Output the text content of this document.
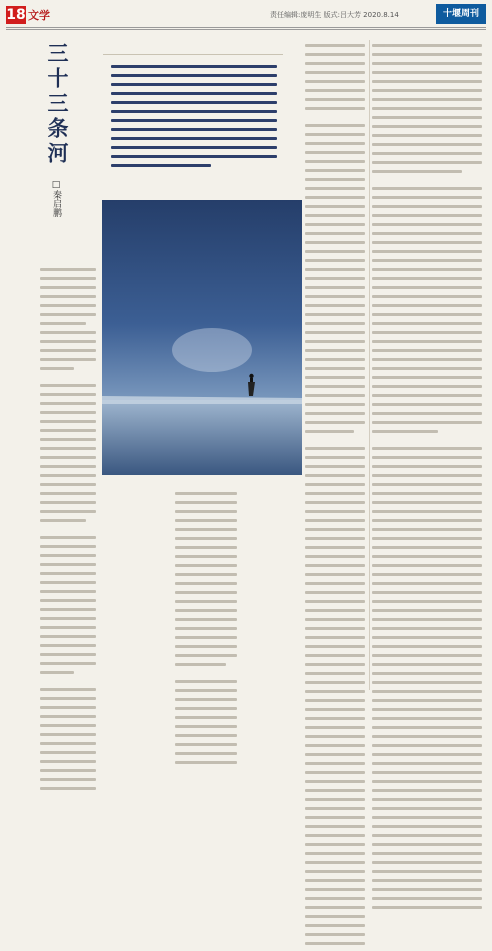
18 文学	责任编辑:庞明生 版式:吕大芳 2020.8.14	十堰周刊
三十三条河
□秦启鹏
